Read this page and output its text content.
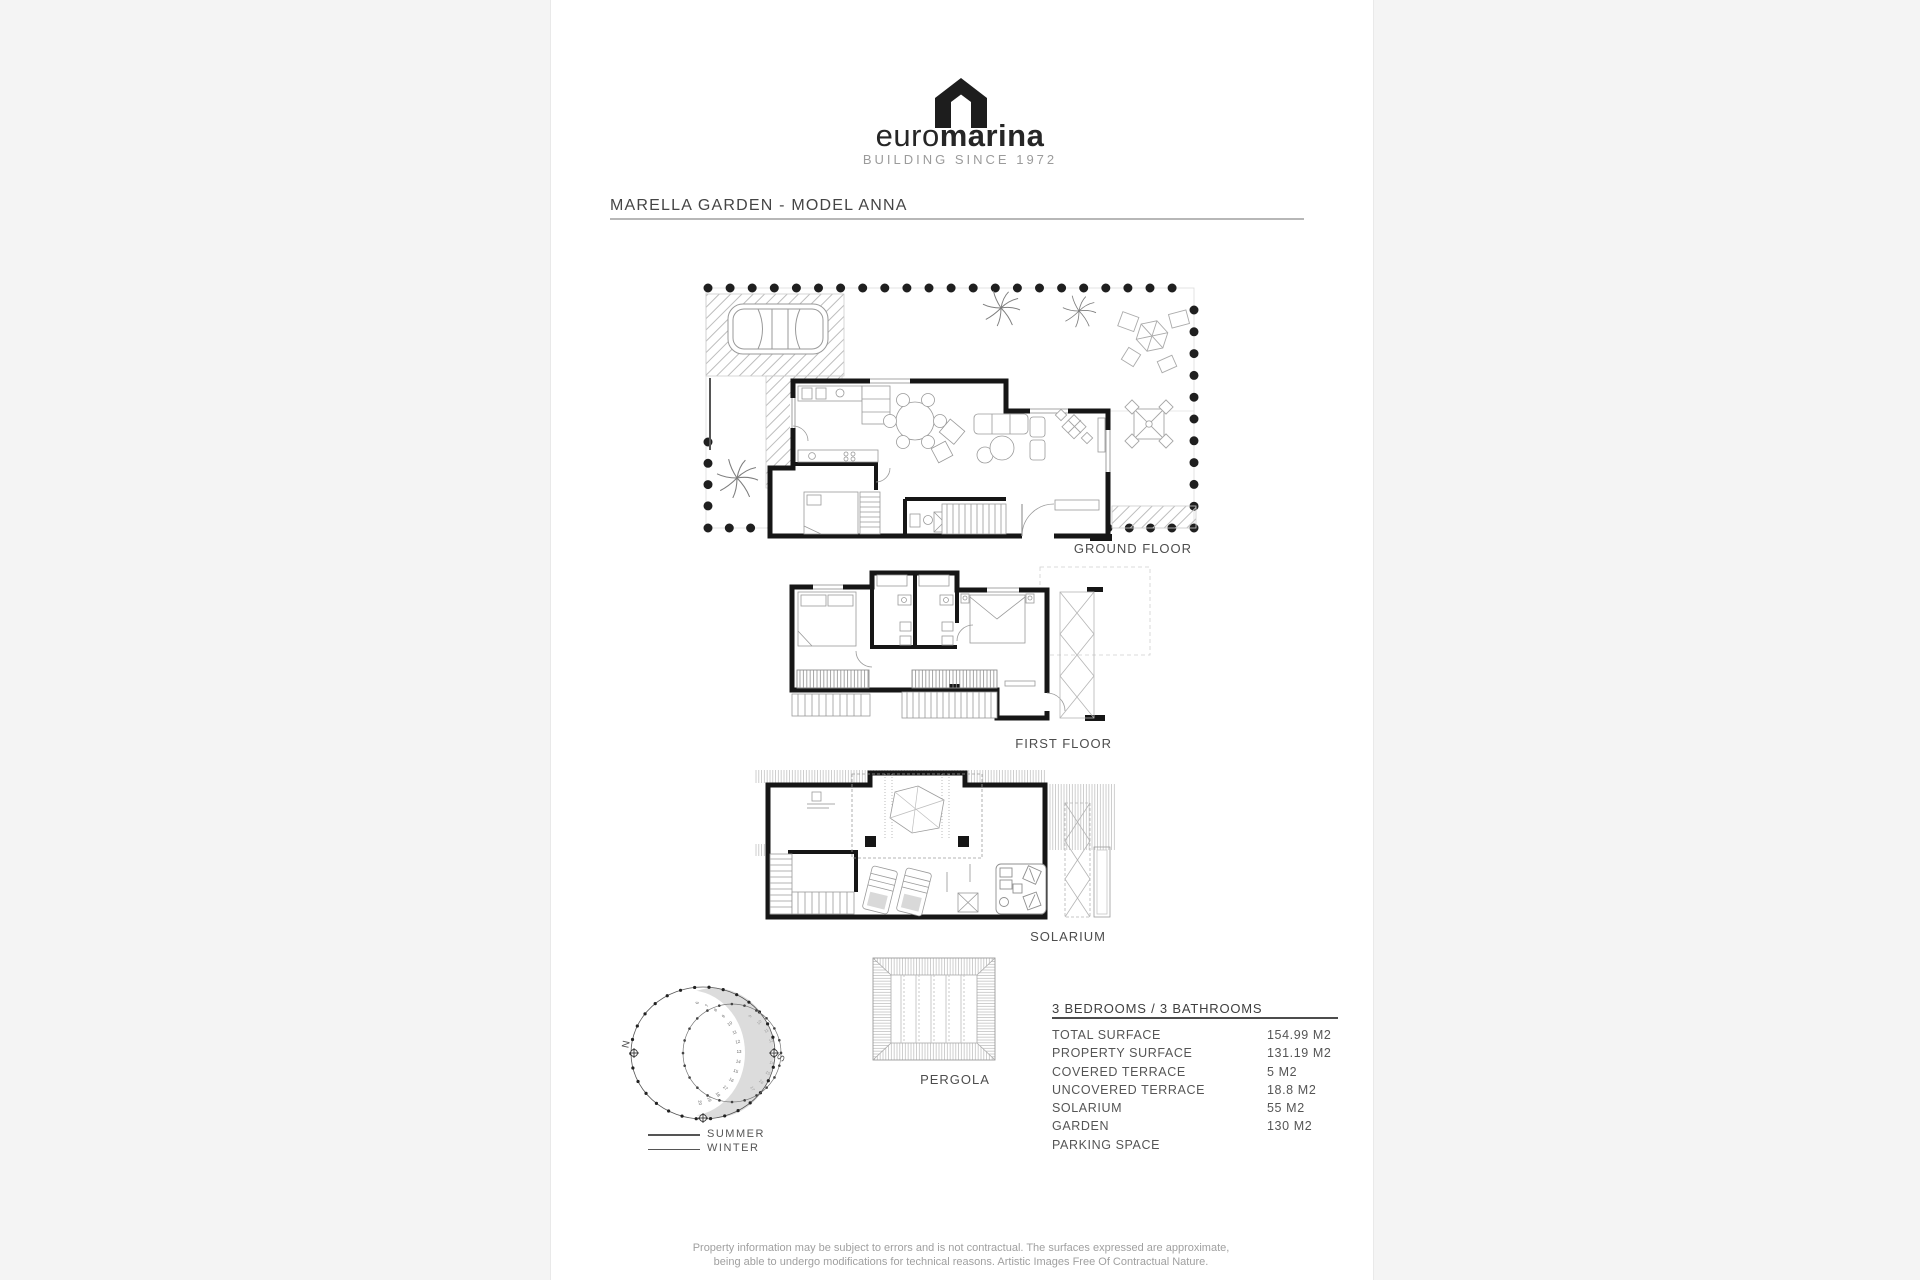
euromarina
BUILDING SINCE 1972
MARELLA GARDEN - MODEL ANNA
GROUND FLOOR
FIRST FLOOR
SOLARIUM
PERGOLA
6
7
8
9
10
11
12
13
14
15
16
17
18
19
20
9
10
11
12
13
14
15
16
17
N
S
SUMMER
WINTER
3 BEDROOMS / 3 BATHROOMS
TOTAL SURFACE	154.99 M2
PROPERTY SURFACE	131.19 M2
COVERED TERRACE	5 M2
UNCOVERED TERRACE	18.8 M2
SOLARIUM	55 M2
GARDEN	130 M2
PARKING SPACE
Property information may be subject to errors and is not contractual. The surfaces expressed are approximate,
being able to undergo modifications for technical reasons. Artistic Images Free Of Contractual Nature.
